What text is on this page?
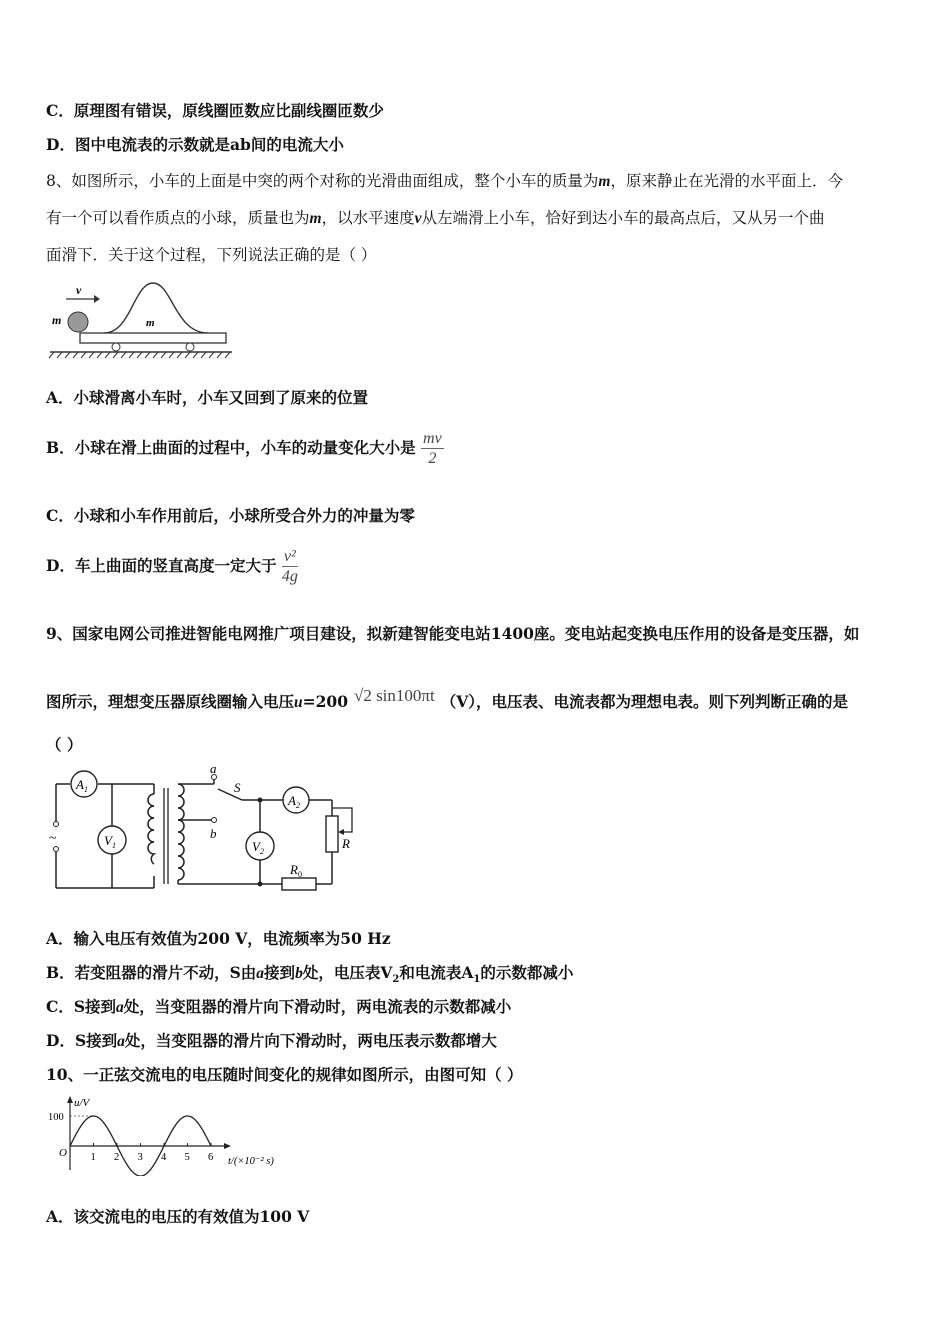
C．原理图有错误，原线圈匝数应比副线圈匝数少
D．图中电流表的示数就是ab间的电流大小
8、如图所示，小车的上面是中突的两个对称的光滑曲面组成，整个小车的质量为m，原来静止在光滑的水平面上．今
有一个可以看作质点的小球，质量也为m，以水平速度v从左端滑上小车，恰好到达小车的最高点后，又从另一个曲
面滑下．关于这个过程，下列说法正确的是（ ）
v
m	m
A．小球滑离小车时，小车又回到了原来的位置
B．小球在滑上曲面的过程中，小车的动量变化大小是 $\frac{mv}{2}$
C．小球和小车作用前后，小球所受合外力的冲量为零
D．车上曲面的竖直高度一定大于 $\frac{\text{v²}}{4g}$
9、国家电网公司推进智能电网推广项目建设，拟新建智能变电站1400座。变电站起变换电压作用的设备是变压器，如
图所示，理想变压器原线圈输入电压u=200 √2 sin100πt （V），电压表、电流表都为理想电表。则下列判断正确的是
（ ）
~
$A_1$
$V_1$
a
b
S
$A_2$
$V_2$
R
$R_0$
A．输入电压有效值为200 V，电流频率为50 Hz
B．若变阻器的滑片不动，S由a接到b处，电压表$V_2$和电流表$A_1$的示数都减小
C．S接到a处，当变阻器的滑片向下滑动时，两电流表的示数都减小
D．S接到a处，当变阻器的滑片向下滑动时，两电压表示数都增大
10、一正弦交流电的电压随时间变化的规律如图所示，由图可知（ ）
u/V
t/(×10⁻² s)
O
100
1 2 3 4 5 6
A．该交流电的电压的有效值为100 V
